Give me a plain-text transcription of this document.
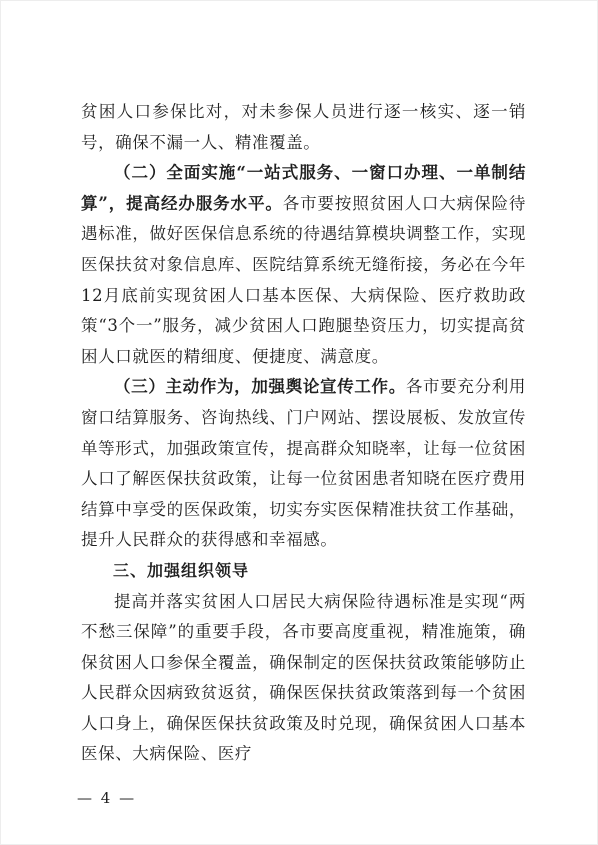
贫困人口参保比对，对未参保人员进行逐一核实、逐一销号，确保不漏一人、精准覆盖。

（二）全面实施“一站式服务、一窗口办理、一单制结算”，提高经办服务水平。各市要按照贫困人口大病保险待遇标准，做好医保信息系统的待遇结算模块调整工作，实现医保扶贫对象信息库、医院结算系统无缝衔接，务必在今年12月底前实现贫困人口基本医保、大病保险、医疗救助政策“3个一”服务，减少贫困人口跑腿垫资压力，切实提高贫困人口就医的精细度、便捷度、满意度。

（三）主动作为，加强舆论宣传工作。各市要充分利用窗口结算服务、咨询热线、门户网站、摆设展板、发放宣传单等形式，加强政策宣传，提高群众知晓率，让每一位贫困人口了解医保扶贫政策，让每一位贫困患者知晓在医疗费用结算中享受的医保政策，切实夯实医保精准扶贫工作基础，提升人民群众的获得感和幸福感。

三、加强组织领导

提高并落实贫困人口居民大病保险待遇标准是实现“两不愁三保障”的重要手段，各市要高度重视，精准施策，确保贫困人口参保全覆盖，确保制定的医保扶贫政策能够防止人民群众因病致贫返贫，确保医保扶贫政策落到每一个贫困人口身上，确保医保扶贫政策及时兑现，确保贫困人口基本医保、大病保险、医疗

— 4 —
